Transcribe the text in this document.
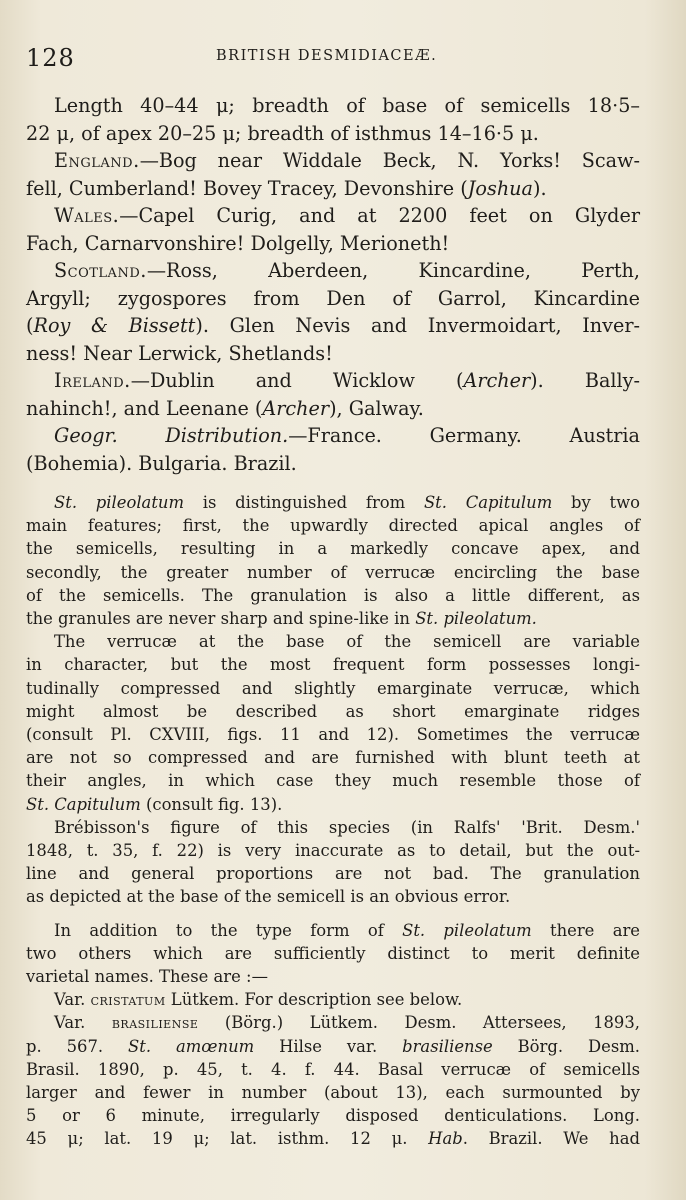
128	BRITISH DESMIDIACEÆ.

Length 40–44 μ; breadth of base of semicells 18·5–
22 μ, of apex 20–25 μ; breadth of isthmus 14–16·5 μ.

England.—Bog near Widdale Beck, N. Yorks! Scaw-
fell, Cumberland! Bovey Tracey, Devonshire (Joshua).

Wales.—Capel Curig, and at 2200 feet on Glyder
Fach, Carnarvonshire! Dolgelly, Merioneth!

Scotland.—Ross, Aberdeen, Kincardine, Perth,
Argyll; zygospores from Den of Garrol, Kincardine
(Roy & Bissett). Glen Nevis and Invermoidart, Inver-
ness! Near Lerwick, Shetlands!

Ireland.—Dublin and Wicklow (Archer). Bally-
nahinch!, and Leenane (Archer), Galway.

Geogr. Distribution.—France. Germany. Austria
(Bohemia). Bulgaria. Brazil.

St. pileolatum is distinguished from St. Capitulum by two
main features; first, the upwardly directed apical angles of
the semicells, resulting in a markedly concave apex, and
secondly, the greater number of verrucæ encircling the base
of the semicells. The granulation is also a little different, as
the granules are never sharp and spine-like in St. pileolatum.

The verrucæ at the base of the semicell are variable
in character, but the most frequent form possesses longi-
tudinally compressed and slightly emarginate verrucæ, which
might almost be described as short emarginate ridges
(consult Pl. CXVIII, figs. 11 and 12). Sometimes the verrucæ
are not so compressed and are furnished with blunt teeth at
their angles, in which case they much resemble those of
St. Capitulum (consult fig. 13).

Brébisson's figure of this species (in Ralfs' 'Brit. Desm.'
1848, t. 35, f. 22) is very inaccurate as to detail, but the out-
line and general proportions are not bad. The granulation
as depicted at the base of the semicell is an obvious error.

In addition to the type form of St. pileolatum there are
two others which are sufficiently distinct to merit definite
varietal names. These are :—

Var. cristatum Lütkem. For description see below.

Var. brasiliense (Börg.) Lütkem. Desm. Attersees, 1893,
p. 567. St. amœnum Hilse var. brasiliense Börg. Desm.
Brasil. 1890, p. 45, t. 4. f. 44. Basal verrucæ of semicells
larger and fewer in number (about 13), each surmounted by
5 or 6 minute, irregularly disposed denticulations. Long.
45 μ; lat. 19 μ; lat. isthm. 12 μ. Hab. Brazil. We had
